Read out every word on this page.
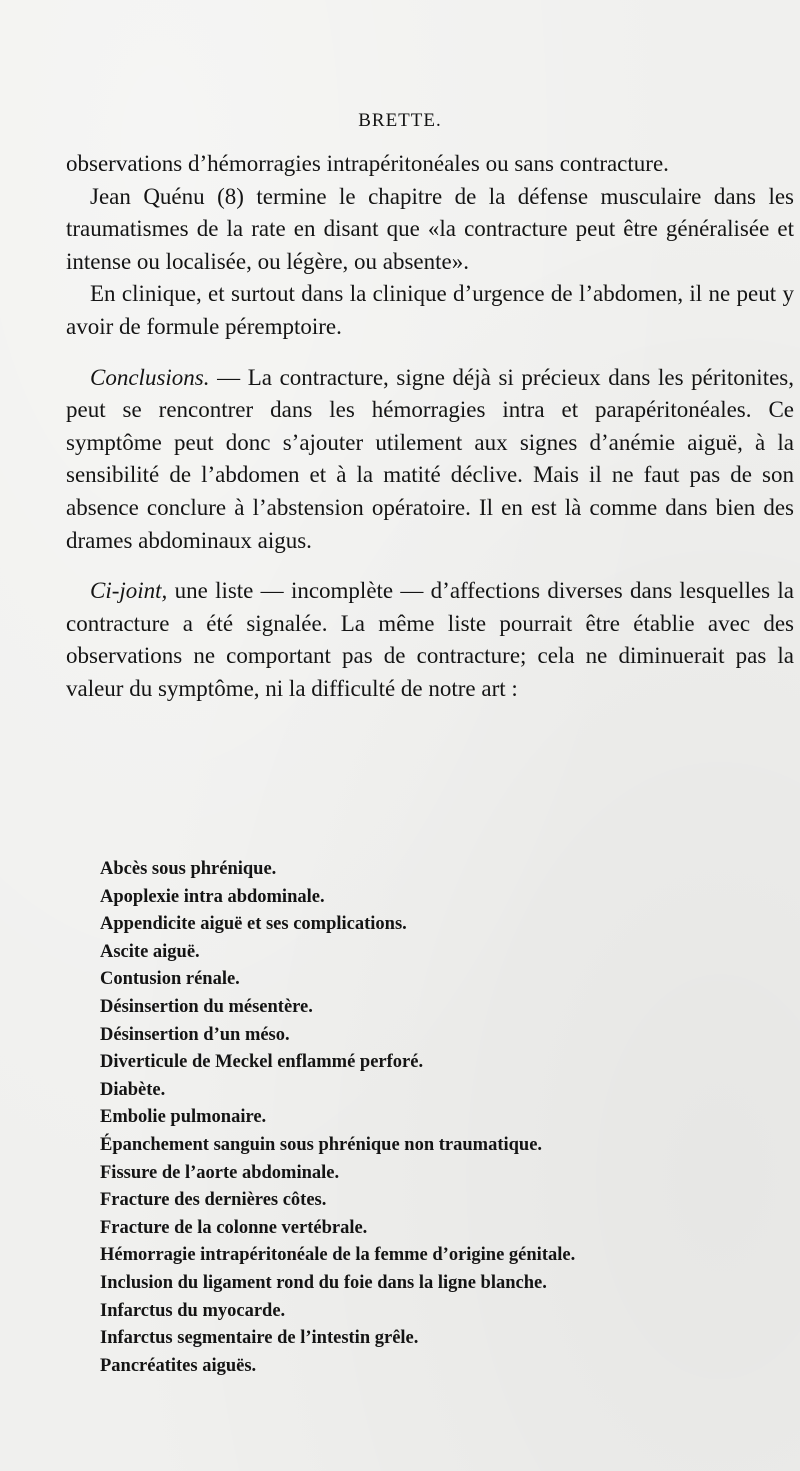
BRETTE.

observations d’hémorragies intrapéritonéales ou sans contracture.

Jean Quénu (8) termine le chapitre de la défense musculaire dans les traumatismes de la rate en disant que «la contracture peut être généralisée et intense ou localisée, ou légère, ou absente».

En clinique, et surtout dans la clinique d’urgence de l’abdomen, il ne peut y avoir de formule péremptoire.

Conclusions. — La contracture, signe déjà si précieux dans les péritonites, peut se rencontrer dans les hémorragies intra et parapéritonéales. Ce symptôme peut donc s’ajouter utilement aux signes d’anémie aiguë, à la sensibilité de l’abdomen et à la matité déclive. Mais il ne faut pas de son absence conclure à l’abstension opératoire. Il en est là comme dans bien des drames abdominaux aigus.

Ci-joint, une liste — incomplète — d’affections diverses dans lesquelles la contracture a été signalée. La même liste pourrait être établie avec des observations ne comportant pas de contracture; cela ne diminuerait pas la valeur du symptôme, ni la difficulté de notre art :

Abcès sous phrénique.
Apoplexie intra abdominale.
Appendicite aiguë et ses complications.
Ascite aiguë.
Contusion rénale.
Désinsertion du mésentère.
Désinsertion d’un méso.
Diverticule de Meckel enflammé perforé.
Diabète.
Embolie pulmonaire.
Épanchement sanguin sous phrénique non traumatique.
Fissure de l’aorte abdominale.
Fracture des dernières côtes.
Fracture de la colonne vertébrale.
Hémorragie intrapéritonéale de la femme d’origine génitale.
Inclusion du ligament rond du foie dans la ligne blanche.
Infarctus du myocarde.
Infarctus segmentaire de l’intestin grêle.
Pancréatites aiguës.
